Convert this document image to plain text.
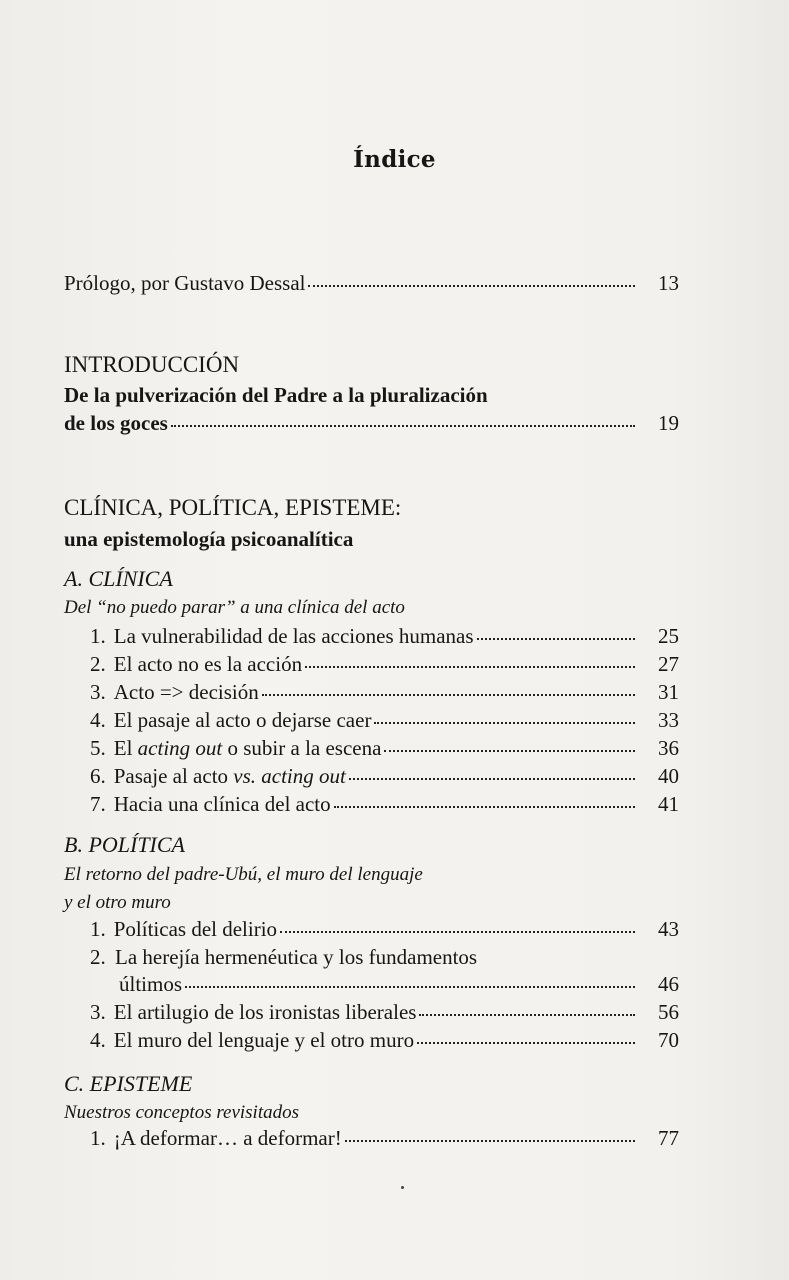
Índice
Prólogo, por Gustavo Dessal	13
INTRODUCCIÓN
De la pulverización del Padre a la pluralización
de los goces	19
CLÍNICA, POLÍTICA, EPISTEME:
una epistemología psicoanalítica
A. CLÍNICA
Del “no puedo parar” a una clínica del acto
1. La vulnerabilidad de las acciones humanas	25
2. El acto no es la acción	27
3. Acto => decisión	31
4. El pasaje al acto o dejarse caer	33
5. El acting out o subir a la escena	36
6. Pasaje al acto vs. acting out	40
7. Hacia una clínica del acto	41
B. POLÍTICA
El retorno del padre-Ubú, el muro del lenguaje
y el otro muro
1. Políticas del delirio	43
2. La herejía hermenéutica y los fundamentos
últimos	46
3. El artilugio de los ironistas liberales	56
4. El muro del lenguaje y el otro muro	70
C. EPISTEME
Nuestros conceptos revisitados
1. ¡A deformar… a deformar!	77
